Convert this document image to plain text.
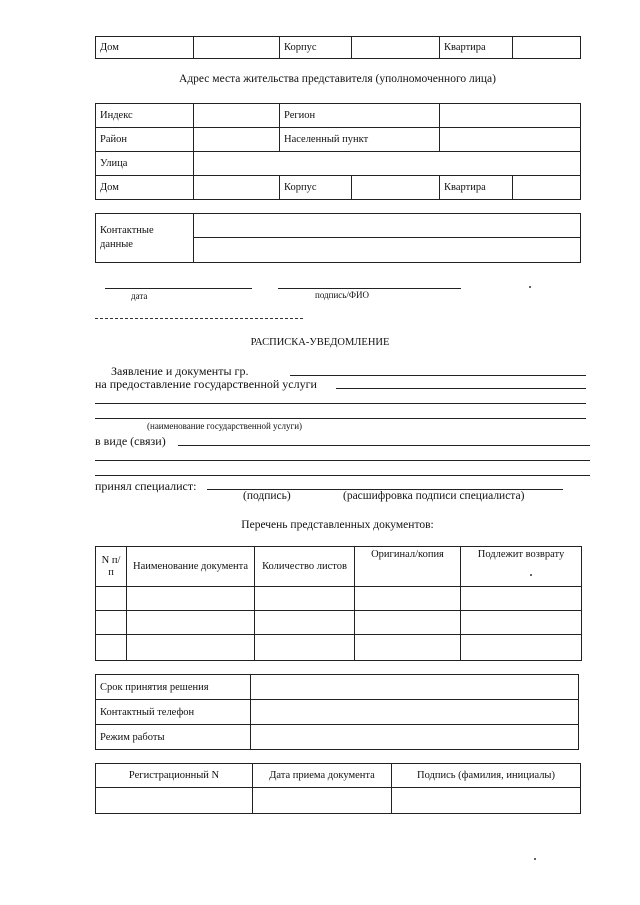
Дом		Корпус		Квартира	
Адрес места жительства представителя (уполномоченного лица)
Индекс		Регион			
Район		Населенный пункт			
Улица					
Дом		Корпус		Квартира	
Контактные данные	

дата	подпись/ФИО
РАСПИСКА-УВЕДОМЛЕНИЕ
Заявление и документы гр.
на предоставление государственной услуги
(наименование государственной услуги)
в виде (связи)
принял специалист:
(подпись)	(расшифровка подписи специалиста)
Перечень представленных документов:
N п/п	Наименование документа	Количество листов	Оригинал/копия	Подлежит возврату

Срок принятия решения	
Контактный телефон	
Режим работы	
Регистрационный N	Дата приема документа	Подпись (фамилия, инициалы)
